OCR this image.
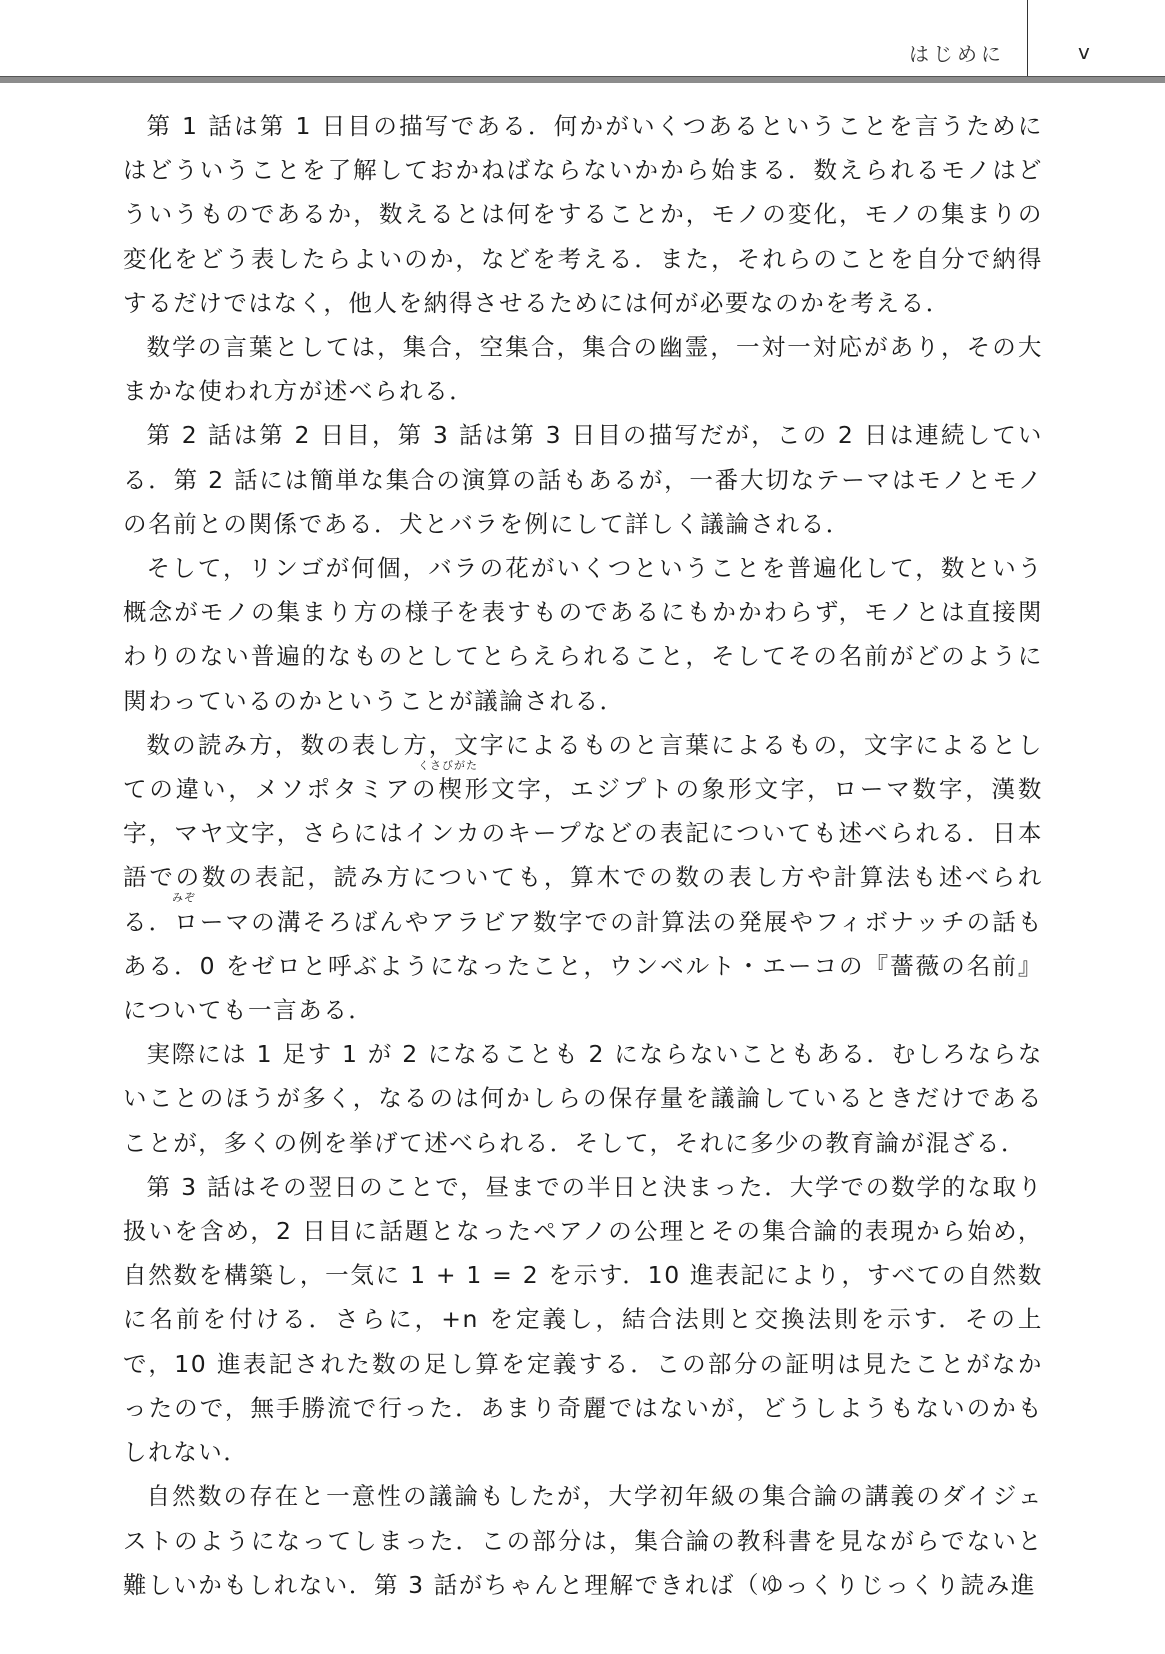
はじめに	v

第 1 話は第 1 日目の描写である．何かがいくつあるということを言うためにはどういうことを了解しておかねばならないかから始まる．数えられるモノはどういうものであるか，数えるとは何をすることか，モノの変化，モノの集まりの変化をどう表したらよいのか，などを考える．また，それらのことを自分で納得するだけではなく，他人を納得させるためには何が必要なのかを考える．

数学の言葉としては，集合，空集合，集合の幽霊，一対一対応があり，その大まかな使われ方が述べられる．

第 2 話は第 2 日目，第 3 話は第 3 日目の描写だが，この 2 日は連続している．第 2 話には簡単な集合の演算の話もあるが，一番大切なテーマはモノとモノの名前との関係である．犬とバラを例にして詳しく議論される．

そして，リンゴが何個，バラの花がいくつということを普遍化して，数という概念がモノの集まり方の様子を表すものであるにもかかわらず，モノとは直接関わりのない普遍的なものとしてとらえられること，そしてその名前がどのように関わっているのかということが議論される．

数の読み方，数の表し方，文字によるものと言葉によるもの，文字によるとしての違い，メソポタミアの楔形文字，エジプトの象形文字，ローマ数字，漢数字，マヤ文字，さらにはインカのキープなどの表記についても述べられる．日本語での数の表記，読み方についても，算木での数の表し方や計算法も述べられる．ローマの溝そろばんやアラビア数字での計算法の発展やフィボナッチの話もある．0 をゼロと呼ぶようになったこと，ウンベルト・エーコの『薔薇の名前』についても一言ある．

実際には 1 足す 1 が 2 になることも 2 にならないこともある．むしろならないことのほうが多く，なるのは何かしらの保存量を議論しているときだけであることが，多くの例を挙げて述べられる．そして，それに多少の教育論が混ざる．

第 3 話はその翌日のことで，昼までの半日と決まった．大学での数学的な取り扱いを含め，2 日目に話題となったペアノの公理とその集合論的表現から始め，自然数を構築し，一気に 1 + 1 = 2 を示す．10 進表記により，すべての自然数に名前を付ける．さらに，+n を定義し，結合法則と交換法則を示す．その上で，10 進表記された数の足し算を定義する．この部分の証明は見たことがなかったので，無手勝流で行った．あまり奇麗ではないが，どうしようもないのかもしれない．

自然数の存在と一意性の議論もしたが，大学初年級の集合論の講義のダイジェストのようになってしまった．この部分は，集合論の教科書を見ながらでないと難しいかもしれない．第 3 話がちゃんと理解できれば（ゆっくりじっくり読み進

くさびがた
みぞ
